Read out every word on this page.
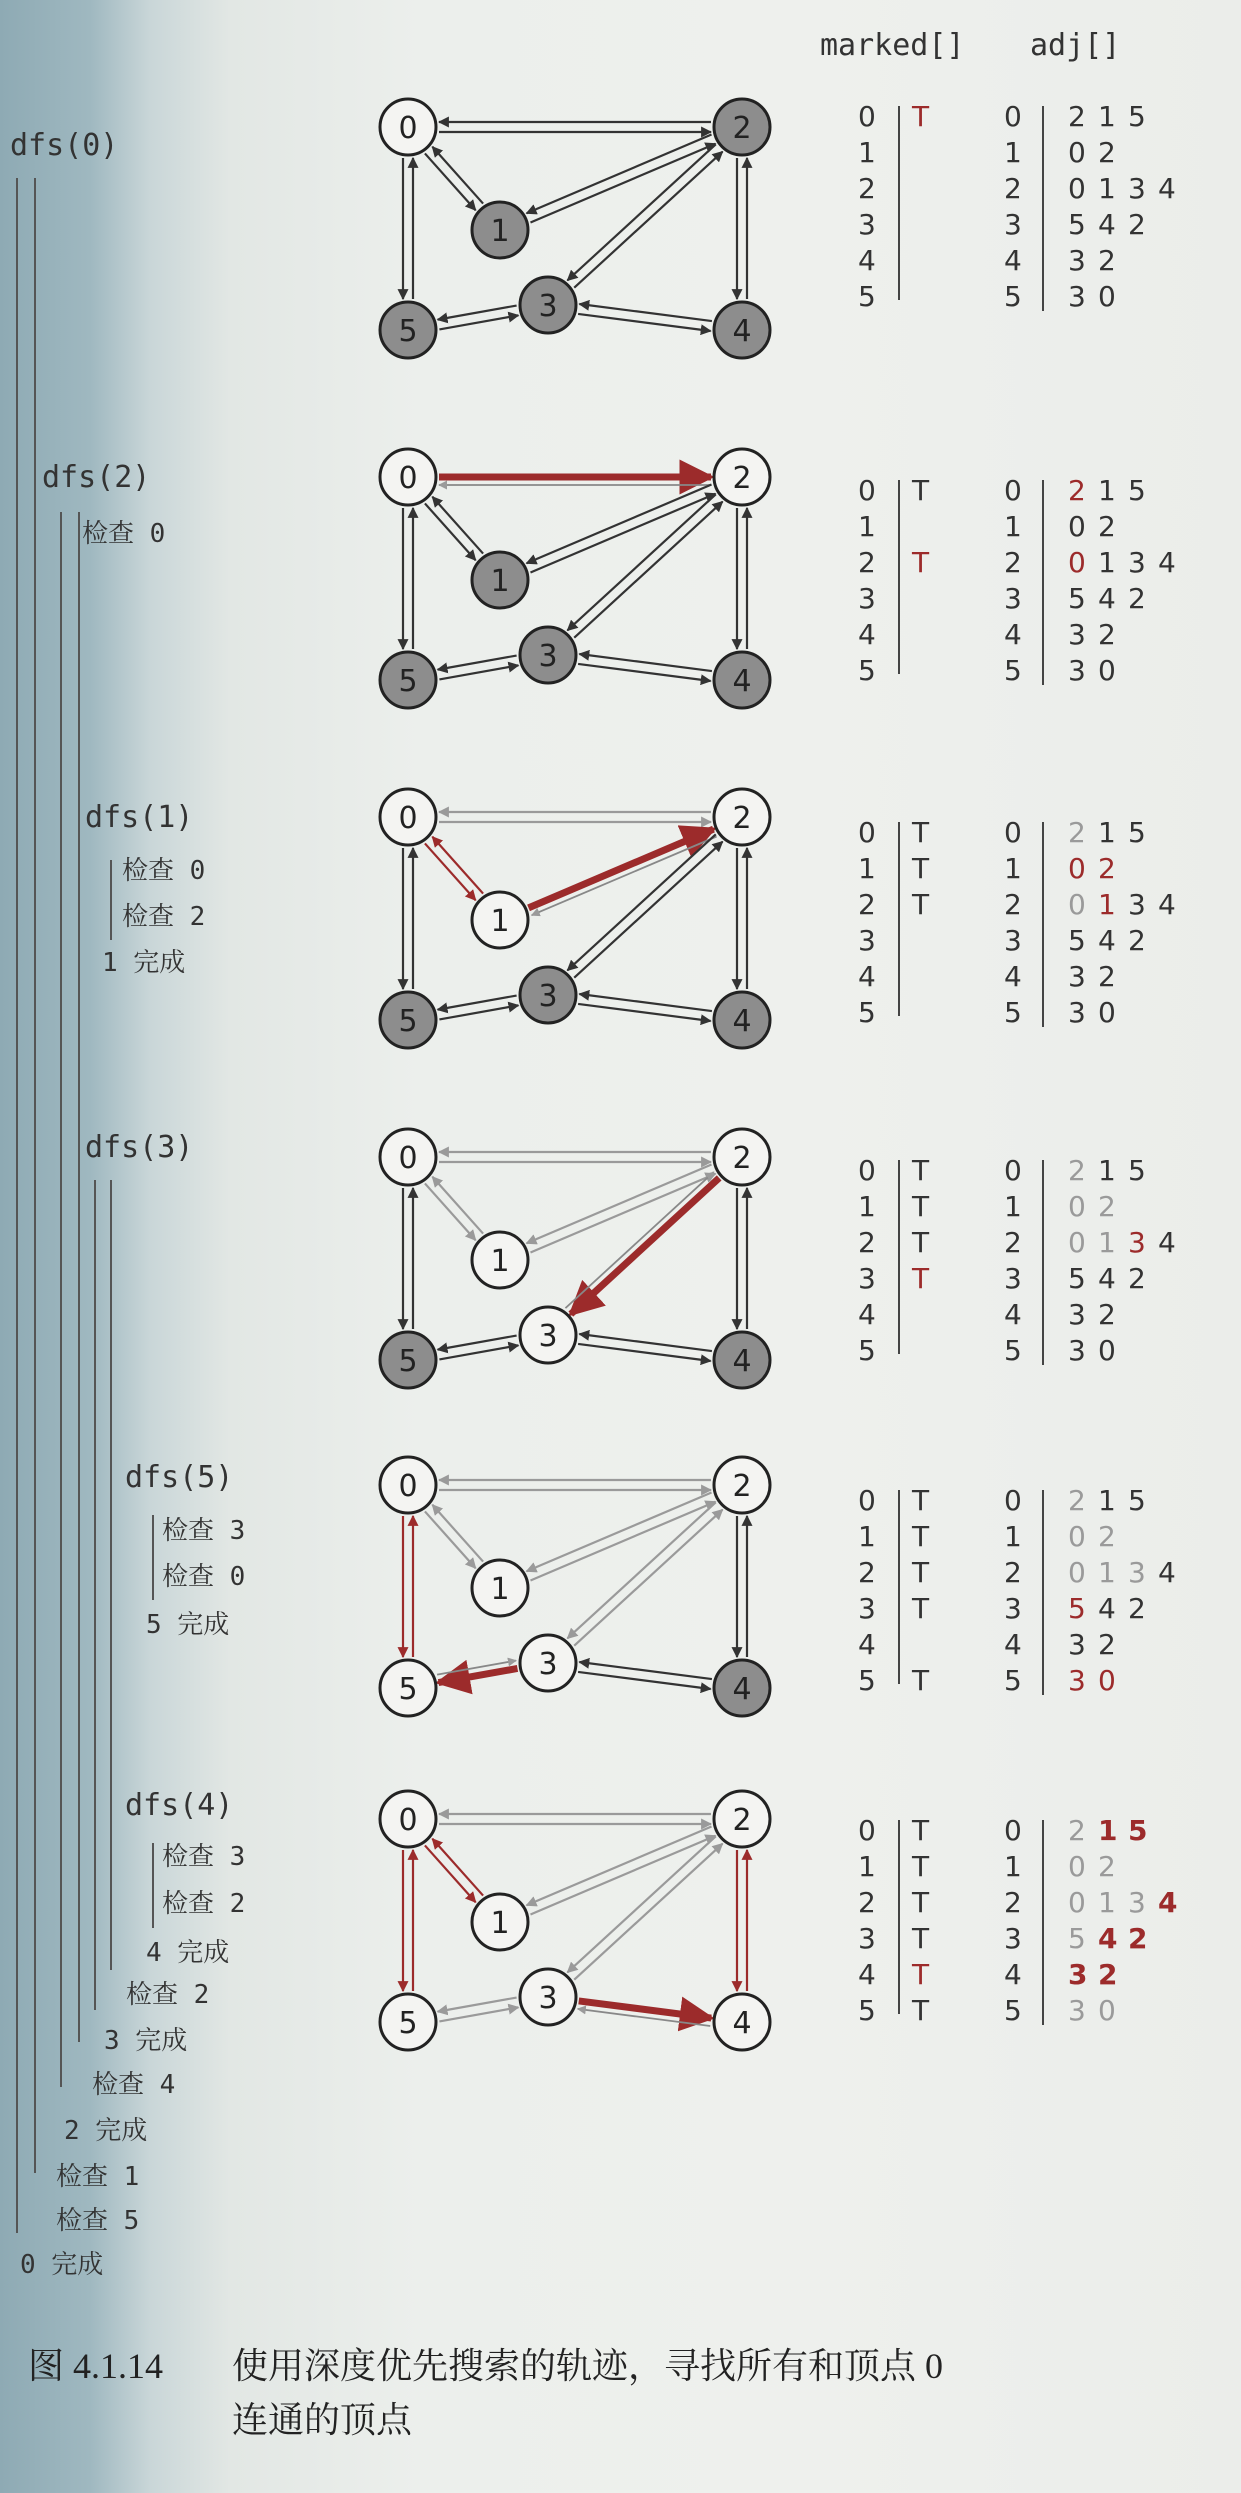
marked[] adj[]
dfs(0)
dfs(2)
检查 0
dfs(1)
检查 0
检查 2
1 完成
dfs(3)
dfs(5)
检查 3
检查 0
5 完成
dfs(4)
检查 3
检查 2
4 完成
检查 2
3 完成
检查 4
2 完成
检查 1
检查 5
0 完成
0
1
2
3
4
5
0
1
2
3
4
5
0
1
2
3
4
5
0
1
2
3
4
5
0
1
2
3
4
5
0
1
2
3
4
5
0 T	0 2 1 5
1	1 0 2
2	2 0 1 3 4
3	3 5 4 2
4	4 3 2
5	5 3 0
0 T	0 2 1 5
1	1 0 2
2 T	2 0 1 3 4
3	3 5 4 2
4	4 3 2
5	5 3 0
0 T	0 2 1 5
1 T	1 0 2
2 T	2 0 1 3 4
3	3 5 4 2
4	4 3 2
5	5 3 0
0 T	0 2 1 5
1 T	1 0 2
2 T	2 0 1 3 4
3 T	3 5 4 2
4	4 3 2
5	5 3 0
0 T	0 2 1 5
1 T	1 0 2
2 T	2 0 1 3 4
3 T	3 5 4 2
4	4 3 2
5 T	5 3 0
0 T	0 2 1 5
1 T	1 0 2
2 T	2 0 1 3 4
3 T	3 5 4 2
4 T	4 3 2
5 T	5 3 0
图 4.1.14 使用深度优先搜索的轨迹，寻找所有和顶点 0
连通的顶点
